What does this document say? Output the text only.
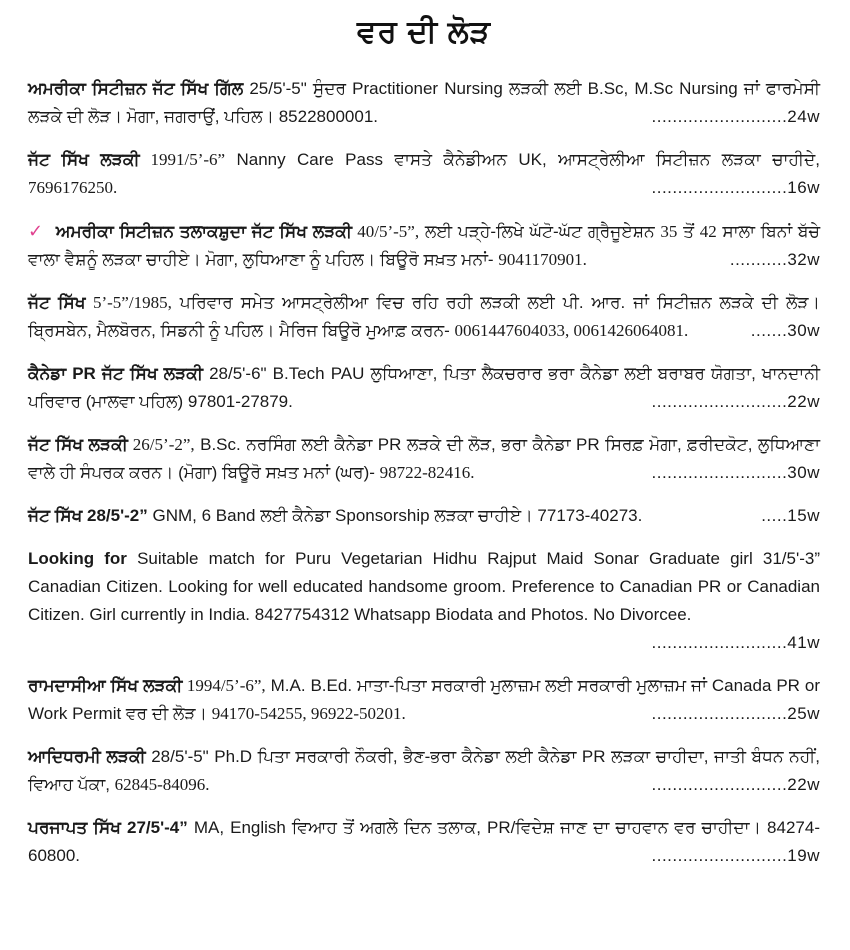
ਵਰ ਦੀ ਲੋੜ

ਅਮਰੀਕਾ ਸਿਟੀਜ਼ਨ ਜੱਟ ਸਿੱਖ ਗਿੱਲ 25/5'-5" ਸੁੰਦਰ Practitioner Nursing ਲੜਕੀ ਲਈ B.Sc, M.Sc Nursing ਜਾਂ ਫਾਰਮੇਸੀ ਲੜਕੇ ਦੀ ਲੋੜ। ਮੋਗਾ, ਜਗਰਾਉਂ, ਪਹਿਲ। 8522800001.	..........................24w

ਜੱਟ ਸਿੱਖ ਲੜਕੀ 1991/5’-6” Nanny Care Pass ਵਾਸਤੇ ਕੈਨੇਡੀਅਨ UK, ਆਸਟ੍ਰੇਲੀਆ ਸਿਟੀਜ਼ਨ ਲੜਕਾ ਚਾਹੀਦੇ, 7696176250.	..........................16w

✓ ਅਮਰੀਕਾ ਸਿਟੀਜ਼ਨ ਤਲਾਕਸ਼ੁਦਾ ਜੱਟ ਸਿੱਖ ਲੜਕੀ 40/5’-5”, ਲਈ ਪੜ੍ਹੇ-ਲਿਖੇ ਘੱਟੋ-ਘੱਟ ਗ੍ਰੈਜੂਏਸ਼ਨ 35 ਤੋਂ 42 ਸਾਲਾ ਬਿਨਾਂ ਬੱਚੇ ਵਾਲਾ ਵੈਸ਼ਨੂੰ ਲੜਕਾ ਚਾਹੀਏ। ਮੋਗਾ, ਲੁਧਿਆਣਾ ਨੂੰ ਪਹਿਲ। ਬਿਊਰੋ ਸਖ਼ਤ ਮਨਾਂ- 9041170901.	...........32w

ਜੱਟ ਸਿੱਖ 5’-5”/1985, ਪਰਿਵਾਰ ਸਮੇਤ ਆਸਟ੍ਰੇਲੀਆ ਵਿਚ ਰਹਿ ਰਹੀ ਲੜਕੀ ਲਈ ਪੀ. ਆਰ. ਜਾਂ ਸਿਟੀਜ਼ਨ ਲੜਕੇ ਦੀ ਲੋੜ। ਬ੍ਰਿਸਬੇਨ, ਮੈਲਬੋਰਨ, ਸਿਡਨੀ ਨੂੰ ਪਹਿਲ। ਮੈਰਿਜ ਬਿਊਰੋ ਮੁਆਫ਼ ਕਰਨ- 0061447604033, 0061426064081.	.......30w

ਕੈਨੇਡਾ PR ਜੱਟ ਸਿੱਖ ਲੜਕੀ 28/5'-6" B.Tech PAU ਲੁਧਿਆਣਾ, ਪਿਤਾ ਲੈਕਚਰਾਰ ਭਰਾ ਕੈਨੇਡਾ ਲਈ ਬਰਾਬਰ ਯੋਗਤਾ, ਖਾਨਦਾਨੀ ਪਰਿਵਾਰ (ਮਾਲਵਾ ਪਹਿਲ) 97801-27879.	..........................22w

ਜੱਟ ਸਿੱਖ ਲੜਕੀ 26/5’-2”, B.Sc. ਨਰਸਿੰਗ ਲਈ ਕੈਨੇਡਾ PR ਲੜਕੇ ਦੀ ਲੋੜ, ਭਰਾ ਕੈਨੇਡਾ PR ਸਿਰਫ਼ ਮੋਗਾ, ਫ਼ਰੀਦਕੋਟ, ਲੁਧਿਆਣਾ ਵਾਲੇ ਹੀ ਸੰਪਰਕ ਕਰਨ। (ਮੋਗਾ) ਬਿਊਰੋ ਸਖ਼ਤ ਮਨਾਂ (ਘਰ)- 98722-82416.	..........................30w

ਜੱਟ ਸਿੱਖ 28/5'-2” GNM, 6 Band ਲਈ ਕੈਨੇਡਾ Sponsorship ਲੜਕਾ ਚਾਹੀਏ। 77173-40273.	.....15w

Looking for Suitable match for Puru Vegetarian Hidhu Rajput Maid Sonar Graduate girl 31/5'-3” Canadian Citizen. Looking for well educated handsome groom. Preference to Canadian PR or Canadian Citizen. Girl currently in India. 8427754312 Whatsapp Biodata and Photos. No Divorcee.
..........................41w

ਰਾਮਦਾਸੀਆ ਸਿੱਖ ਲੜਕੀ 1994/5’-6”, M.A. B.Ed. ਮਾਤਾ-ਪਿਤਾ ਸਰਕਾਰੀ ਮੁਲਾਜ਼ਮ ਲਈ ਸਰਕਾਰੀ ਮੁਲਾਜ਼ਮ ਜਾਂ Canada PR or Work Permit ਵਰ ਦੀ ਲੋੜ। 94170-54255, 96922-50201.	..........................25w

ਆਦਿਧਰਮੀ ਲੜਕੀ 28/5'-5" Ph.D ਪਿਤਾ ਸਰਕਾਰੀ ਨੌਕਰੀ, ਭੈਣ-ਭਰਾ ਕੈਨੇਡਾ ਲਈ ਕੈਨੇਡਾ PR ਲੜਕਾ ਚਾਹੀਦਾ, ਜਾਤੀ ਬੰਧਨ ਨਹੀਂ, ਵਿਆਹ ਪੱਕਾ, 62845-84096.	..........................22w

ਪਰਜਾਪਤ ਸਿੱਖ 27/5'-4” MA, English ਵਿਆਹ ਤੋਂ ਅਗਲੇ ਦਿਨ ਤਲਾਕ, PR/ਵਿਦੇਸ਼ ਜਾਣ ਦਾ ਚਾਹਵਾਨ ਵਰ ਚਾਹੀਦਾ। 84274-60800.	..........................19w
